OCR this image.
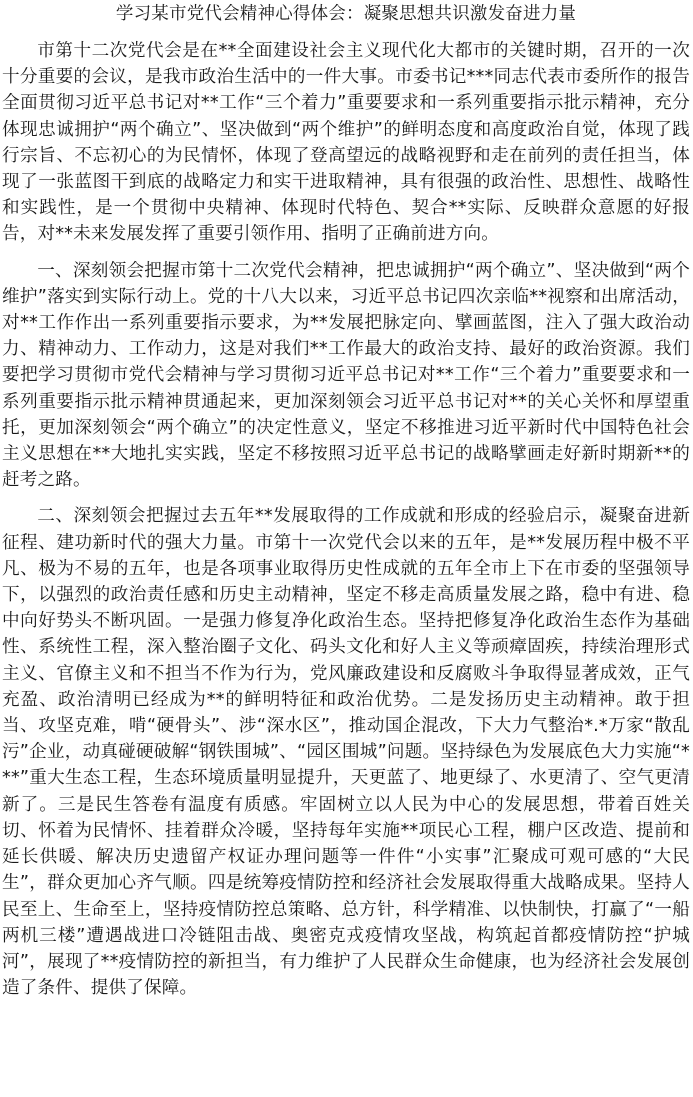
学习某市党代会精神心得体会：凝聚思想共识激发奋进力量

市第十二次党代会是在**全面建设社会主义现代化大都市的关键时期，召开的一次十分重要的会议，是我市政治生活中的一件大事。市委书记***同志代表市委所作的报告全面贯彻习近平总书记对**工作“三个着力”重要要求和一系列重要指示批示精神，充分体现忠诚拥护“两个确立”、坚决做到“两个维护”的鲜明态度和高度政治自觉，体现了践行宗旨、不忘初心的为民情怀，体现了登高望远的战略视野和走在前列的责任担当，体现了一张蓝图干到底的战略定力和实干进取精神，具有很强的政治性、思想性、战略性和实践性，是一个贯彻中央精神、体现时代特色、契合**实际、反映群众意愿的好报告，对**未来发展发挥了重要引领作用、指明了正确前进方向。

一、深刻领会把握市第十二次党代会精神，把忠诚拥护“两个确立”、坚决做到“两个维护”落实到实际行动上。党的十八大以来，习近平总书记四次亲临**视察和出席活动，对**工作作出一系列重要指示要求，为**发展把脉定向、擘画蓝图，注入了强大政治动力、精神动力、工作动力，这是对我们**工作最大的政治支持、最好的政治资源。我们要把学习贯彻市党代会精神与学习贯彻习近平总书记对**工作“三个着力”重要要求和一系列重要指示批示精神贯通起来，更加深刻领会习近平总书记对**的关心关怀和厚望重托，更加深刻领会“两个确立”的决定性意义，坚定不移推进习近平新时代中国特色社会主义思想在**大地扎实实践，坚定不移按照习近平总书记的战略擘画走好新时期新**的赶考之路。

二、深刻领会把握过去五年**发展取得的工作成就和形成的经验启示，凝聚奋进新征程、建功新时代的强大力量。市第十一次党代会以来的五年，是**发展历程中极不平凡、极为不易的五年，也是各项事业取得历史性成就的五年全市上下在市委的坚强领导下，以强烈的政治责任感和历史主动精神，坚定不移走高质量发展之路，稳中有进、稳中向好势头不断巩固。一是强力修复净化政治生态。坚持把修复净化政治生态作为基础性、系统性工程，深入整治圈子文化、码头文化和好人主义等顽瘴固疾，持续治理形式主义、官僚主义和不担当不作为行为，党风廉政建设和反腐败斗争取得显著成效，正气充盈、政治清明已经成为**的鲜明特征和政治优势。二是发扬历史主动精神。敢于担当、攻坚克难，啃“硬骨头”、涉“深水区”，推动国企混改，下大力气整治*.*万家“散乱污”企业，动真碰硬破解“钢铁围城”、“园区围城”问题。坚持绿色为发展底色大力实施“***”重大生态工程，生态环境质量明显提升，天更蓝了、地更绿了、水更清了、空气更清新了。三是民生答卷有温度有质感。牢固树立以人民为中心的发展思想，带着百姓关切、怀着为民情怀、挂着群众冷暖，坚持每年实施**项民心工程，棚户区改造、提前和延长供暖、解决历史遗留产权证办理问题等一件件“小实事”汇聚成可观可感的“大民生”，群众更加心齐气顺。四是统筹疫情防控和经济社会发展取得重大战略成果。坚持人民至上、生命至上，坚持疫情防控总策略、总方针，科学精准、以快制快，打赢了“一船两机三楼”遭遇战进口冷链阻击战、奥密克戎疫情攻坚战，构筑起首都疫情防控“护城河”，展现了**疫情防控的新担当，有力维护了人民群众生命健康，也为经济社会发展创造了条件、提供了保障。
